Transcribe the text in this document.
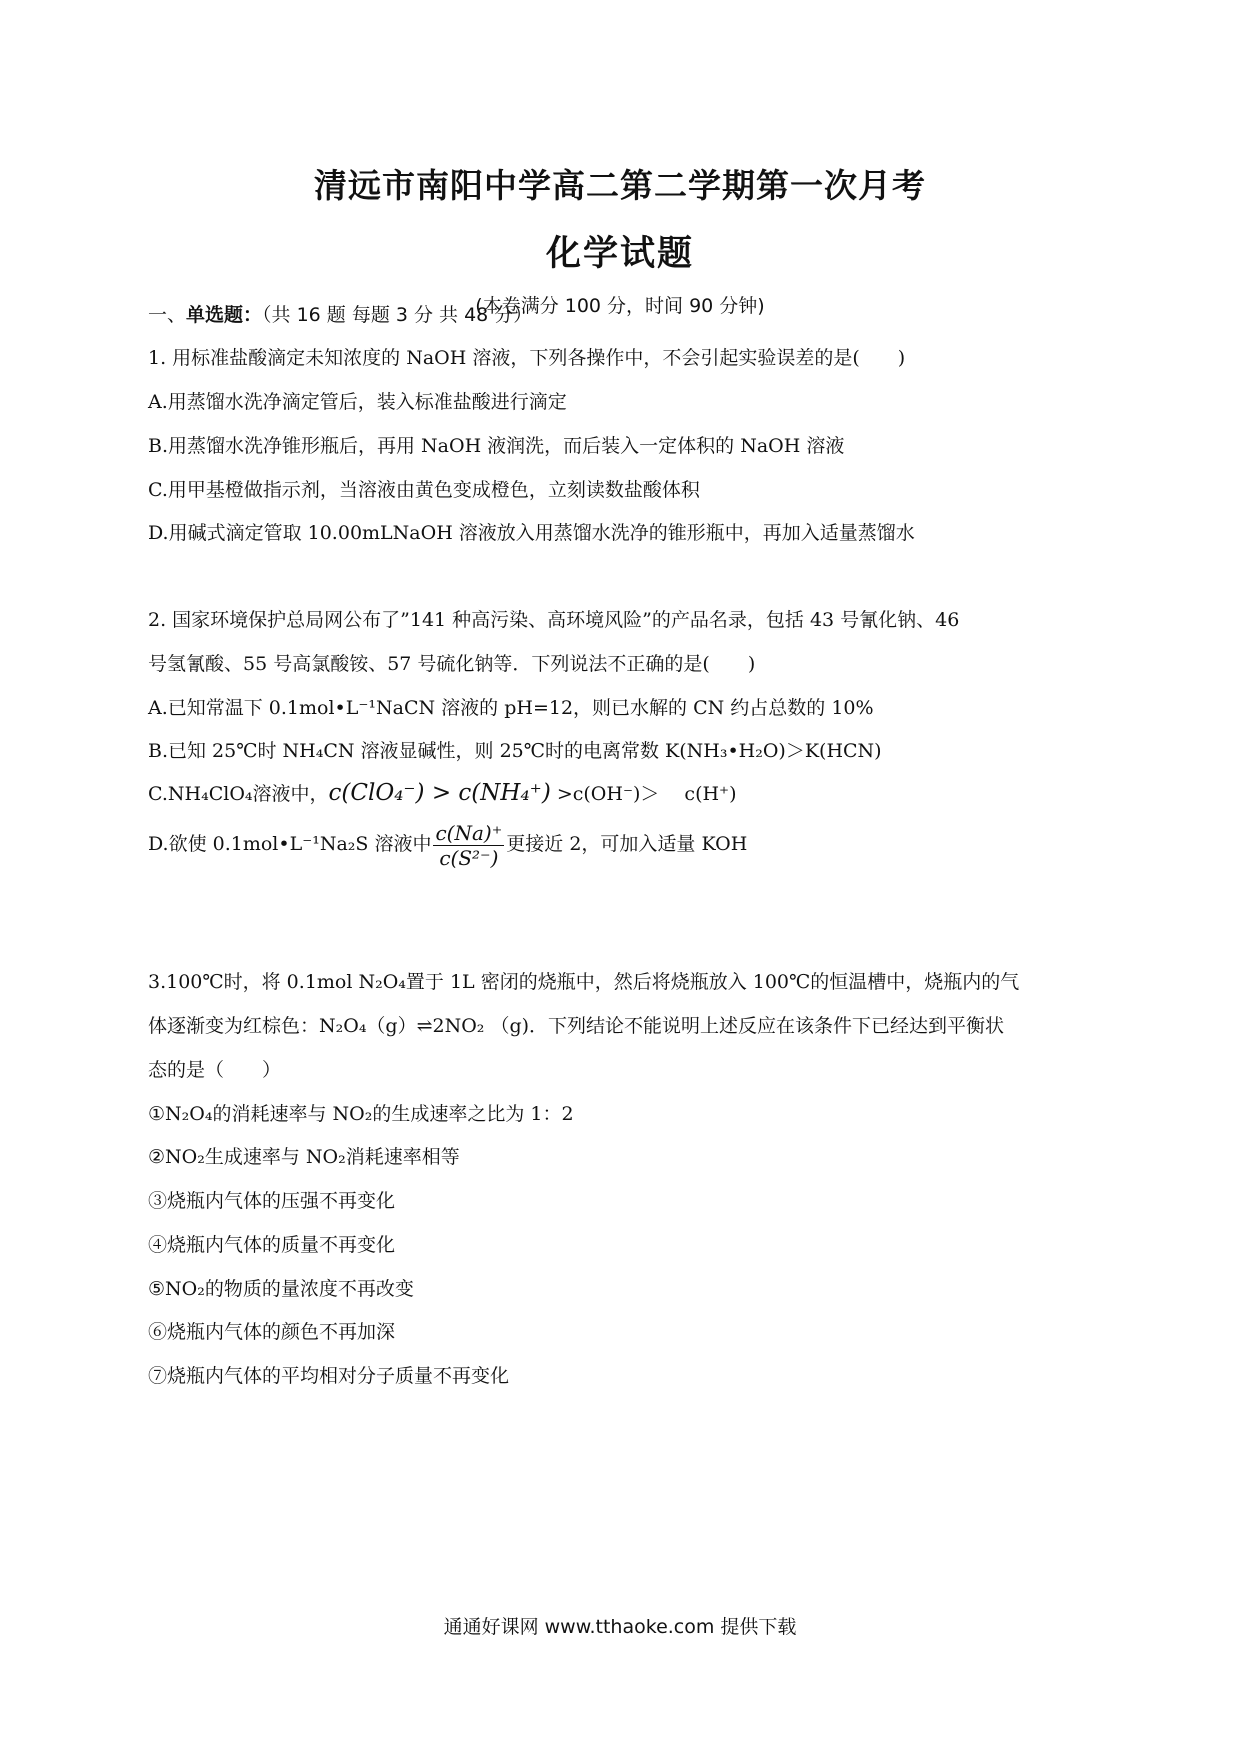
清远市南阳中学高二第二学期第一次月考
化学试题
(本卷满分 100 分，时间 90 分钟)
一、单选题：（共 16 题 每题 3 分 共 48 分）
1. 用标准盐酸滴定未知浓度的 NaOH 溶液，下列各操作中，不会引起实验误差的是(　　)
A.用蒸馏水洗净滴定管后，装入标准盐酸进行滴定
B.用蒸馏水洗净锥形瓶后，再用 NaOH 液润洗，而后装入一定体积的 NaOH 溶液
C.用甲基橙做指示剂，当溶液由黄色变成橙色，立刻读数盐酸体积
D.用碱式滴定管取 10.00mLNaOH 溶液放入用蒸馏水洗净的锥形瓶中，再加入适量蒸馏水
2. 国家环境保护总局网公布了”141 种高污染、高环境风险”的产品名录，包括 43 号氰化钠、46
号氢氰酸、55 号高氯酸铵、57 号硫化钠等．下列说法不正确的是(　　)
A.已知常温下 0.1mol•L⁻¹NaCN 溶液的 pH=12，则已水解的 CN 约占总数的 10%
B.已知 25℃时 NH₄CN 溶液显碱性，则 25℃时的电离常数 K(NH₃•H₂O)＞K(HCN)
C.NH₄ClO₄溶液中，c(ClO₄⁻) > c(NH₄⁺) >c(OH⁻)＞　 c(H⁺)
D.欲使 0.1mol•L⁻¹Na₂S 溶液中 $\frac{c(Na)^+}{\text{c(S²⁻)}}$ 更接近 2，可加入适量 KOH
3.100℃时，将 0.1mol N₂O₄置于 1L 密闭的烧瓶中，然后将烧瓶放入 100℃的恒温槽中，烧瓶内的气
体逐渐变为红棕色：N₂O₄（g）⇌2NO₂ （g)．下列结论不能说明上述反应在该条件下已经达到平衡状
态的是（　　）
①N₂O₄的消耗速率与 NO₂的生成速率之比为 1：2
②NO₂生成速率与 NO₂消耗速率相等
③烧瓶内气体的压强不再变化
④烧瓶内气体的质量不再变化
⑤NO₂的物质的量浓度不再改变
⑥烧瓶内气体的颜色不再加深
⑦烧瓶内气体的平均相对分子质量不再变化
通通好课网 www.tthaoke.com 提供下载
